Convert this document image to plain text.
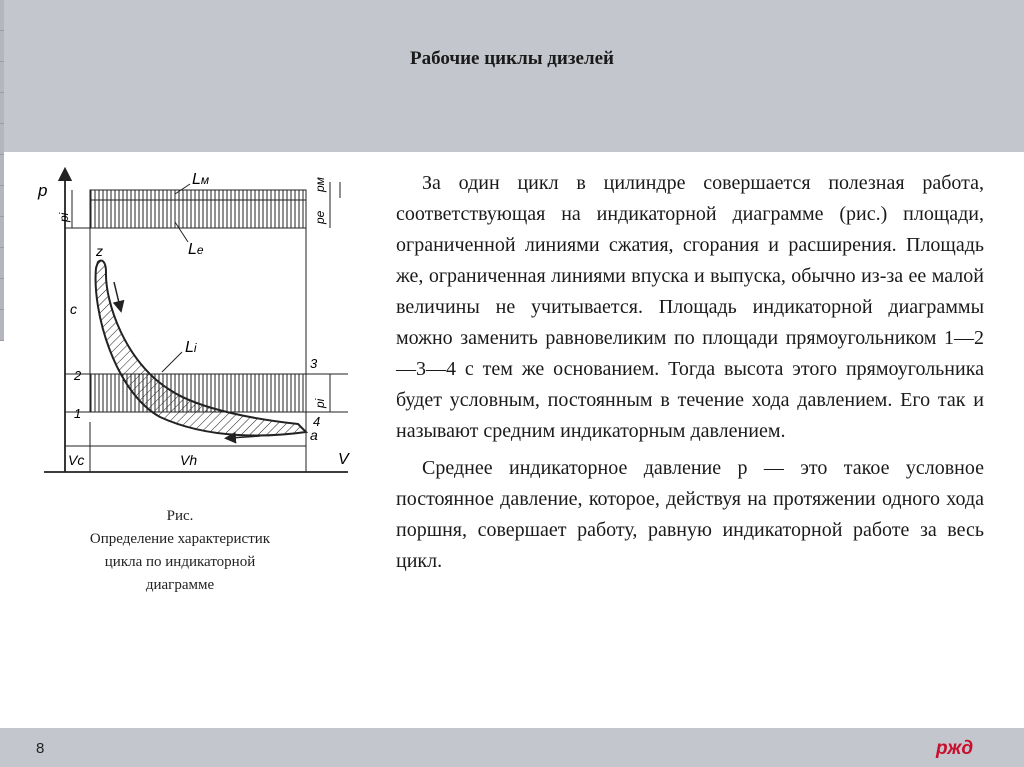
Рабочие циклы дизелей
p
V
Vc	Vh
Lм
Le
Li
pм
pe
pi
pi
z
c
a
1
2
3
4
Рис.
Определение характеристик
цикла по индикаторной
диаграмме

За один цикл в цилиндре совершается полезная работа, соответствующая на индикаторной диаграмме (рис.) площади, ограниченной линиями сжатия, сгорания и расширения. Площадь же, ограниченная линиями впуска и выпуска, обычно из-за ее малой величины не учитывается. Площадь индикаторной диаграммы можно заменить равновеликим по площади прямоугольником 1—2—3—4 с тем же основанием. Тогда высота этого прямоугольника будет условным, постоянным в течение хода давлением. Его так и называют средним индикаторным давлением.

Среднее индикаторное давление р — это такое условное постоянное давление, которое, действуя на протяжении одного хода поршня, совершает работу, равную индикаторной работе за весь цикл.

8	ржд
